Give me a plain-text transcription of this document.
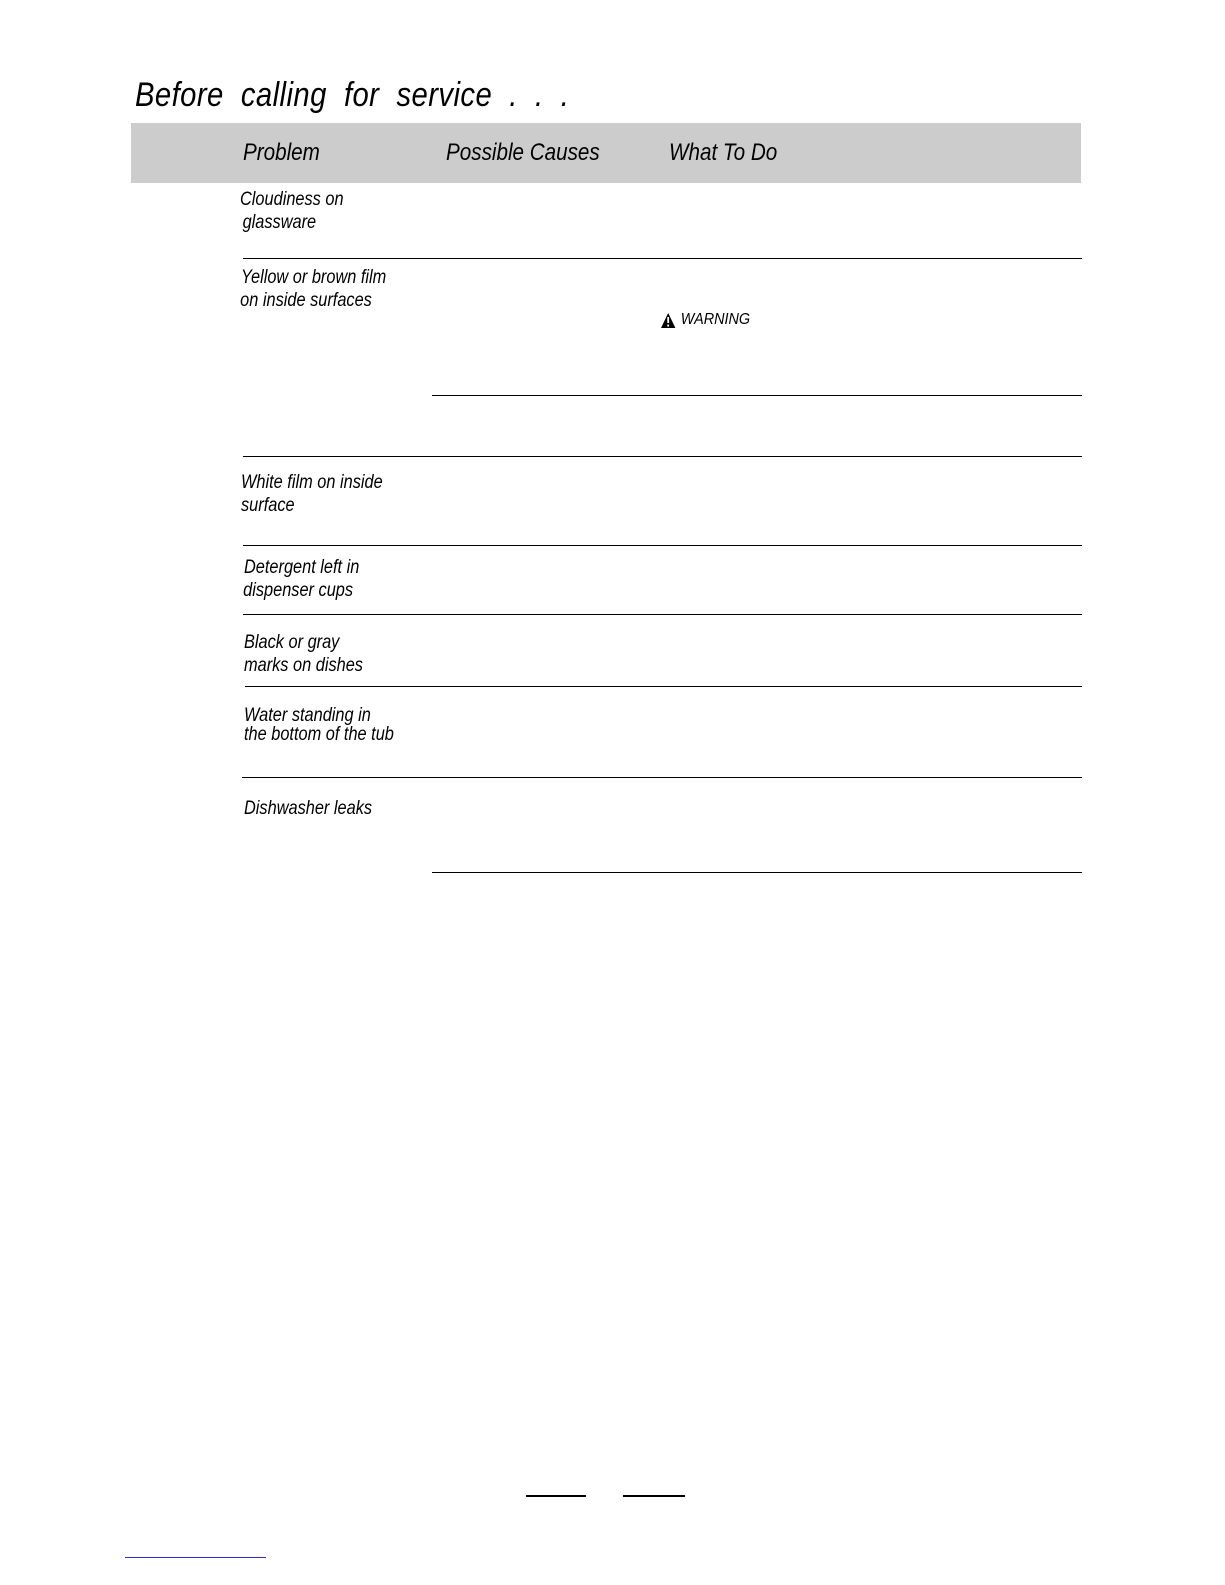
Before calling for service . . .
Problem	Possible Causes	What To Do
Cloudiness on
glassware
Yellow or brown film
on inside surfaces
WARNING
White film on inside
surface
Detergent left in
dispenser cups
Black or gray
marks on dishes
Water standing in
the bottom of the tub
Dishwasher leaks
